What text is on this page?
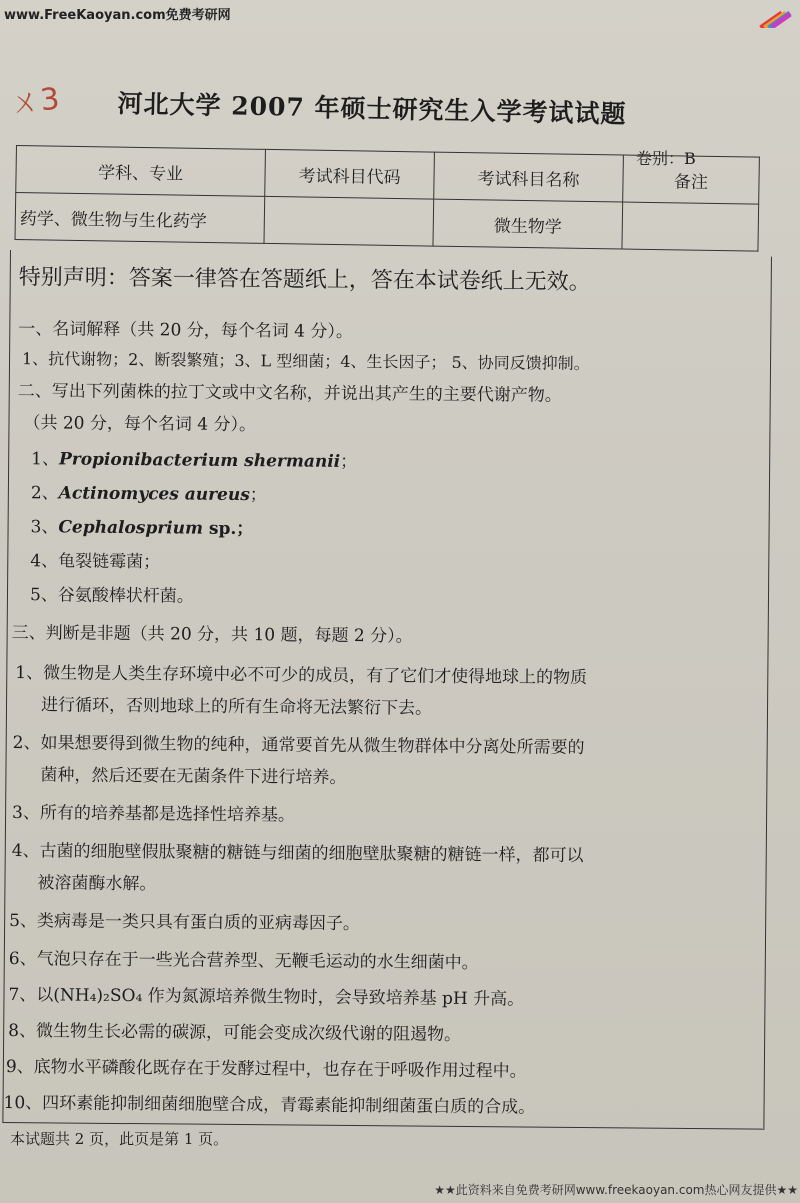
www.FreeKaoyan.com免费考研网
ㄨ3 河北大学 2007 年硕士研究生入学考试试题
卷别：B
学科、专业	考试科目代码	考试科目名称	备注
药学、微生物与生化药学		微生物学	
特别声明：答案一律答在答题纸上，答在本试卷纸上无效。
一、名词解释（共 20 分，每个名词 4 分）。
1、抗代谢物；2、断裂繁殖；3、L 型细菌；4、生长因子； 5、协同反馈抑制。
二、写出下列菌株的拉丁文或中文名称，并说出其产生的主要代谢产物。
（共 20 分，每个名词 4 分）。
1、Propionibacterium shermanii；
2、Actinomyces aureus；
3、Cephalosprium sp.；
4、龟裂链霉菌；
5、谷氨酸棒状杆菌。
三、判断是非题（共 20 分，共 10 题，每题 2 分）。
1、微生物是人类生存环境中必不可少的成员，有了它们才使得地球上的物质
进行循环，否则地球上的所有生命将无法繁衍下去。
2、如果想要得到微生物的纯种，通常要首先从微生物群体中分离处所需要的
菌种，然后还要在无菌条件下进行培养。
3、所有的培养基都是选择性培养基。
4、古菌的细胞壁假肽聚糖的糖链与细菌的细胞壁肽聚糖的糖链一样，都可以
被溶菌酶水解。
5、类病毒是一类只具有蛋白质的亚病毒因子。
6、气泡只存在于一些光合营养型、无鞭毛运动的水生细菌中。
7、以(NH₄)₂SO₄ 作为氮源培养微生物时，会导致培养基 pH 升高。
8、微生物生长必需的碳源，可能会变成次级代谢的阻遏物。
9、底物水平磷酸化既存在于发酵过程中，也存在于呼吸作用过程中。
10、四环素能抑制细菌细胞壁合成，青霉素能抑制细菌蛋白质的合成。
本试题共 2 页，此页是第 1 页。
★★此资料来自免费考研网www.freekaoyan.com热心网友提供★★
